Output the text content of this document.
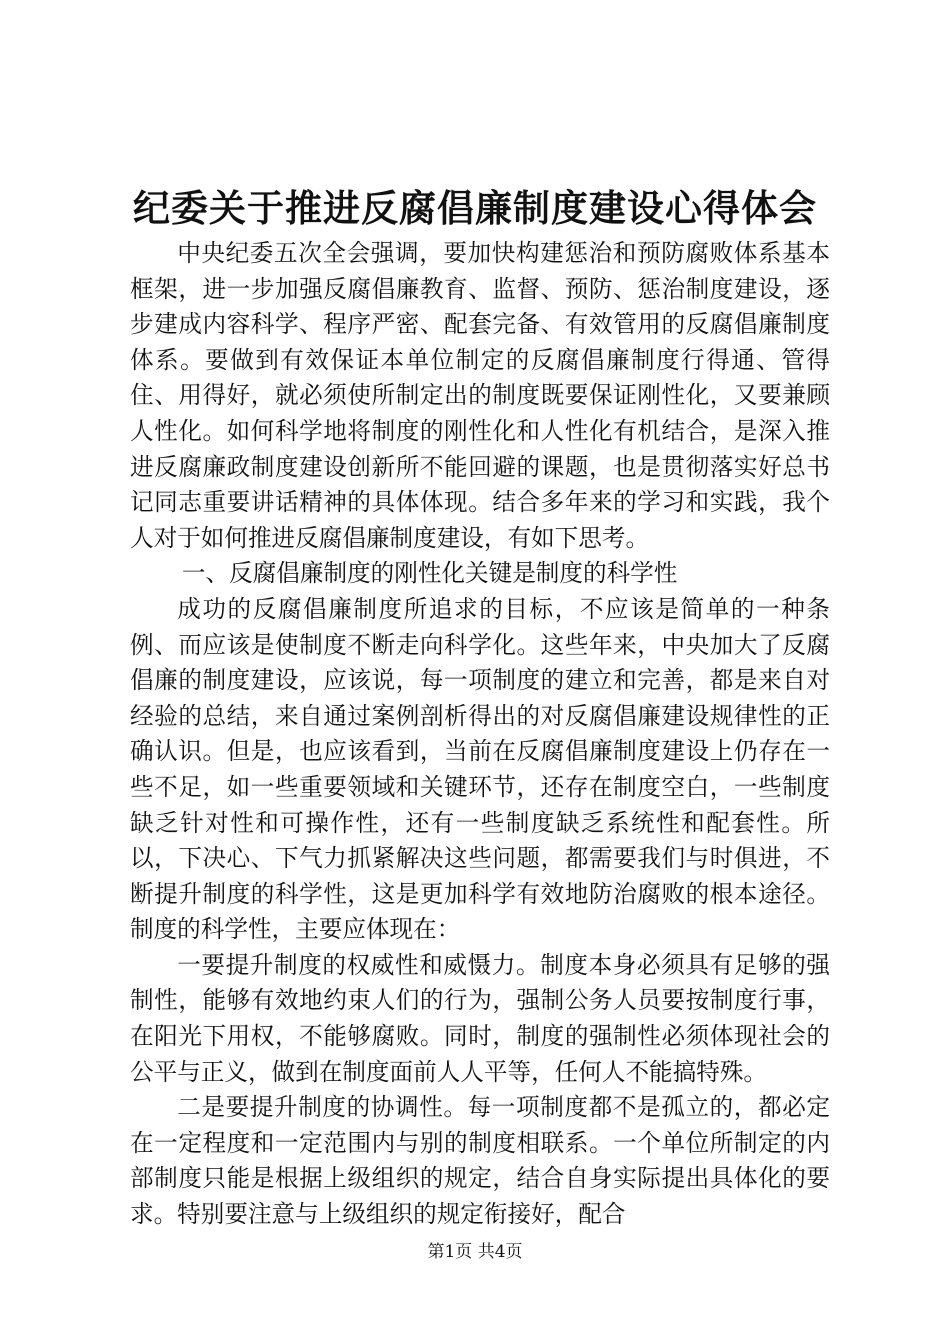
纪委关于推进反腐倡廉制度建设心得体会

中央纪委五次全会强调，要加快构建惩治和预防腐败体系基本框架，进一步加强反腐倡廉教育、监督、预防、惩治制度建设，逐步建成内容科学、程序严密、配套完备、有效管用的反腐倡廉制度体系。要做到有效保证本单位制定的反腐倡廉制度行得通、管得住、用得好，就必须使所制定出的制度既要保证刚性化，又要兼顾人性化。如何科学地将制度的刚性化和人性化有机结合，是深入推进反腐廉政制度建设创新所不能回避的课题，也是贯彻落实好总书记同志重要讲话精神的具体体现。结合多年来的学习和实践，我个人对于如何推进反腐倡廉制度建设，有如下思考。

一、反腐倡廉制度的刚性化关键是制度的科学性

成功的反腐倡廉制度所追求的目标，不应该是简单的一种条例、而应该是使制度不断走向科学化。这些年来，中央加大了反腐倡廉的制度建设，应该说，每一项制度的建立和完善，都是来自对经验的总结，来自通过案例剖析得出的对反腐倡廉建设规律性的正确认识。但是，也应该看到，当前在反腐倡廉制度建设上仍存在一些不足，如一些重要领域和关键环节，还存在制度空白，一些制度缺乏针对性和可操作性，还有一些制度缺乏系统性和配套性。所以，下决心、下气力抓紧解决这些问题，都需要我们与时俱进，不断提升制度的科学性，这是更加科学有效地防治腐败的根本途径。制度的科学性，主要应体现在：

一要提升制度的权威性和威慑力。制度本身必须具有足够的强制性，能够有效地约束人们的行为，强制公务人员要按制度行事，在阳光下用权，不能够腐败。同时，制度的强制性必须体现社会的公平与正义，做到在制度面前人人平等，任何人不能搞特殊。

二是要提升制度的协调性。每一项制度都不是孤立的，都必定在一定程度和一定范围内与别的制度相联系。一个单位所制定的内部制度只能是根据上级组织的规定，结合自身实际提出具体化的要求。特别要注意与上级组织的规定衔接好，配合

第1页 共4页
